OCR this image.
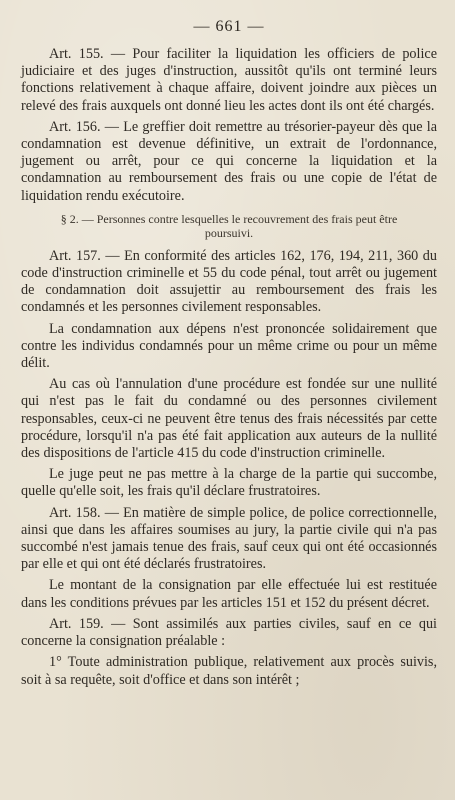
— 661 —
Art. 155. — Pour faciliter la liquidation les officiers de police judiciaire et des juges d'instruction, aussitôt qu'ils ont terminé leurs fonctions relativement à chaque affaire, doivent joindre aux pièces un relevé des frais auxquels ont donné lieu les actes dont ils ont été chargés.
Art. 156. — Le greffier doit remettre au trésorier-payeur dès que la condamnation est devenue définitive, un extrait de l'ordonnance, jugement ou arrêt, pour ce qui concerne la liquidation et la condamnation au remboursement des frais ou une copie de l'état de liquidation rendu exécutoire.
§ 2. — Personnes contre lesquelles le recouvrement des frais peut être poursuivi.
Art. 157. — En conformité des articles 162, 176, 194, 211, 360 du code d'instruction criminelle et 55 du code pénal, tout arrêt ou jugement de condamnation doit assujettir au remboursement des frais les condamnés et les personnes civilement responsables.
La condamnation aux dépens n'est prononcée solidairement que contre les individus condamnés pour un même crime ou pour un même délit.
Au cas où l'annulation d'une procédure est fondée sur une nullité qui n'est pas le fait du condamné ou des personnes civilement responsables, ceux-ci ne peuvent être tenus des frais nécessités par cette procédure, lorsqu'il n'a pas été fait application aux auteurs de la nullité des dispositions de l'article 415 du code d'instruction criminelle.
Le juge peut ne pas mettre à la charge de la partie qui succombe, quelle qu'elle soit, les frais qu'il déclare frustratoires.
Art. 158. — En matière de simple police, de police correctionnelle, ainsi que dans les affaires soumises au jury, la partie civile qui n'a pas succombé n'est jamais tenue des frais, sauf ceux qui ont été occasionnés par elle et qui ont été déclarés frustratoires.
Le montant de la consignation par elle effectuée lui est restituée dans les conditions prévues par les articles 151 et 152 du présent décret.
Art. 159. — Sont assimilés aux parties civiles, sauf en ce qui concerne la consignation préalable :
1° Toute administration publique, relativement aux procès suivis, soit à sa requête, soit d'office et dans son intérêt ;
